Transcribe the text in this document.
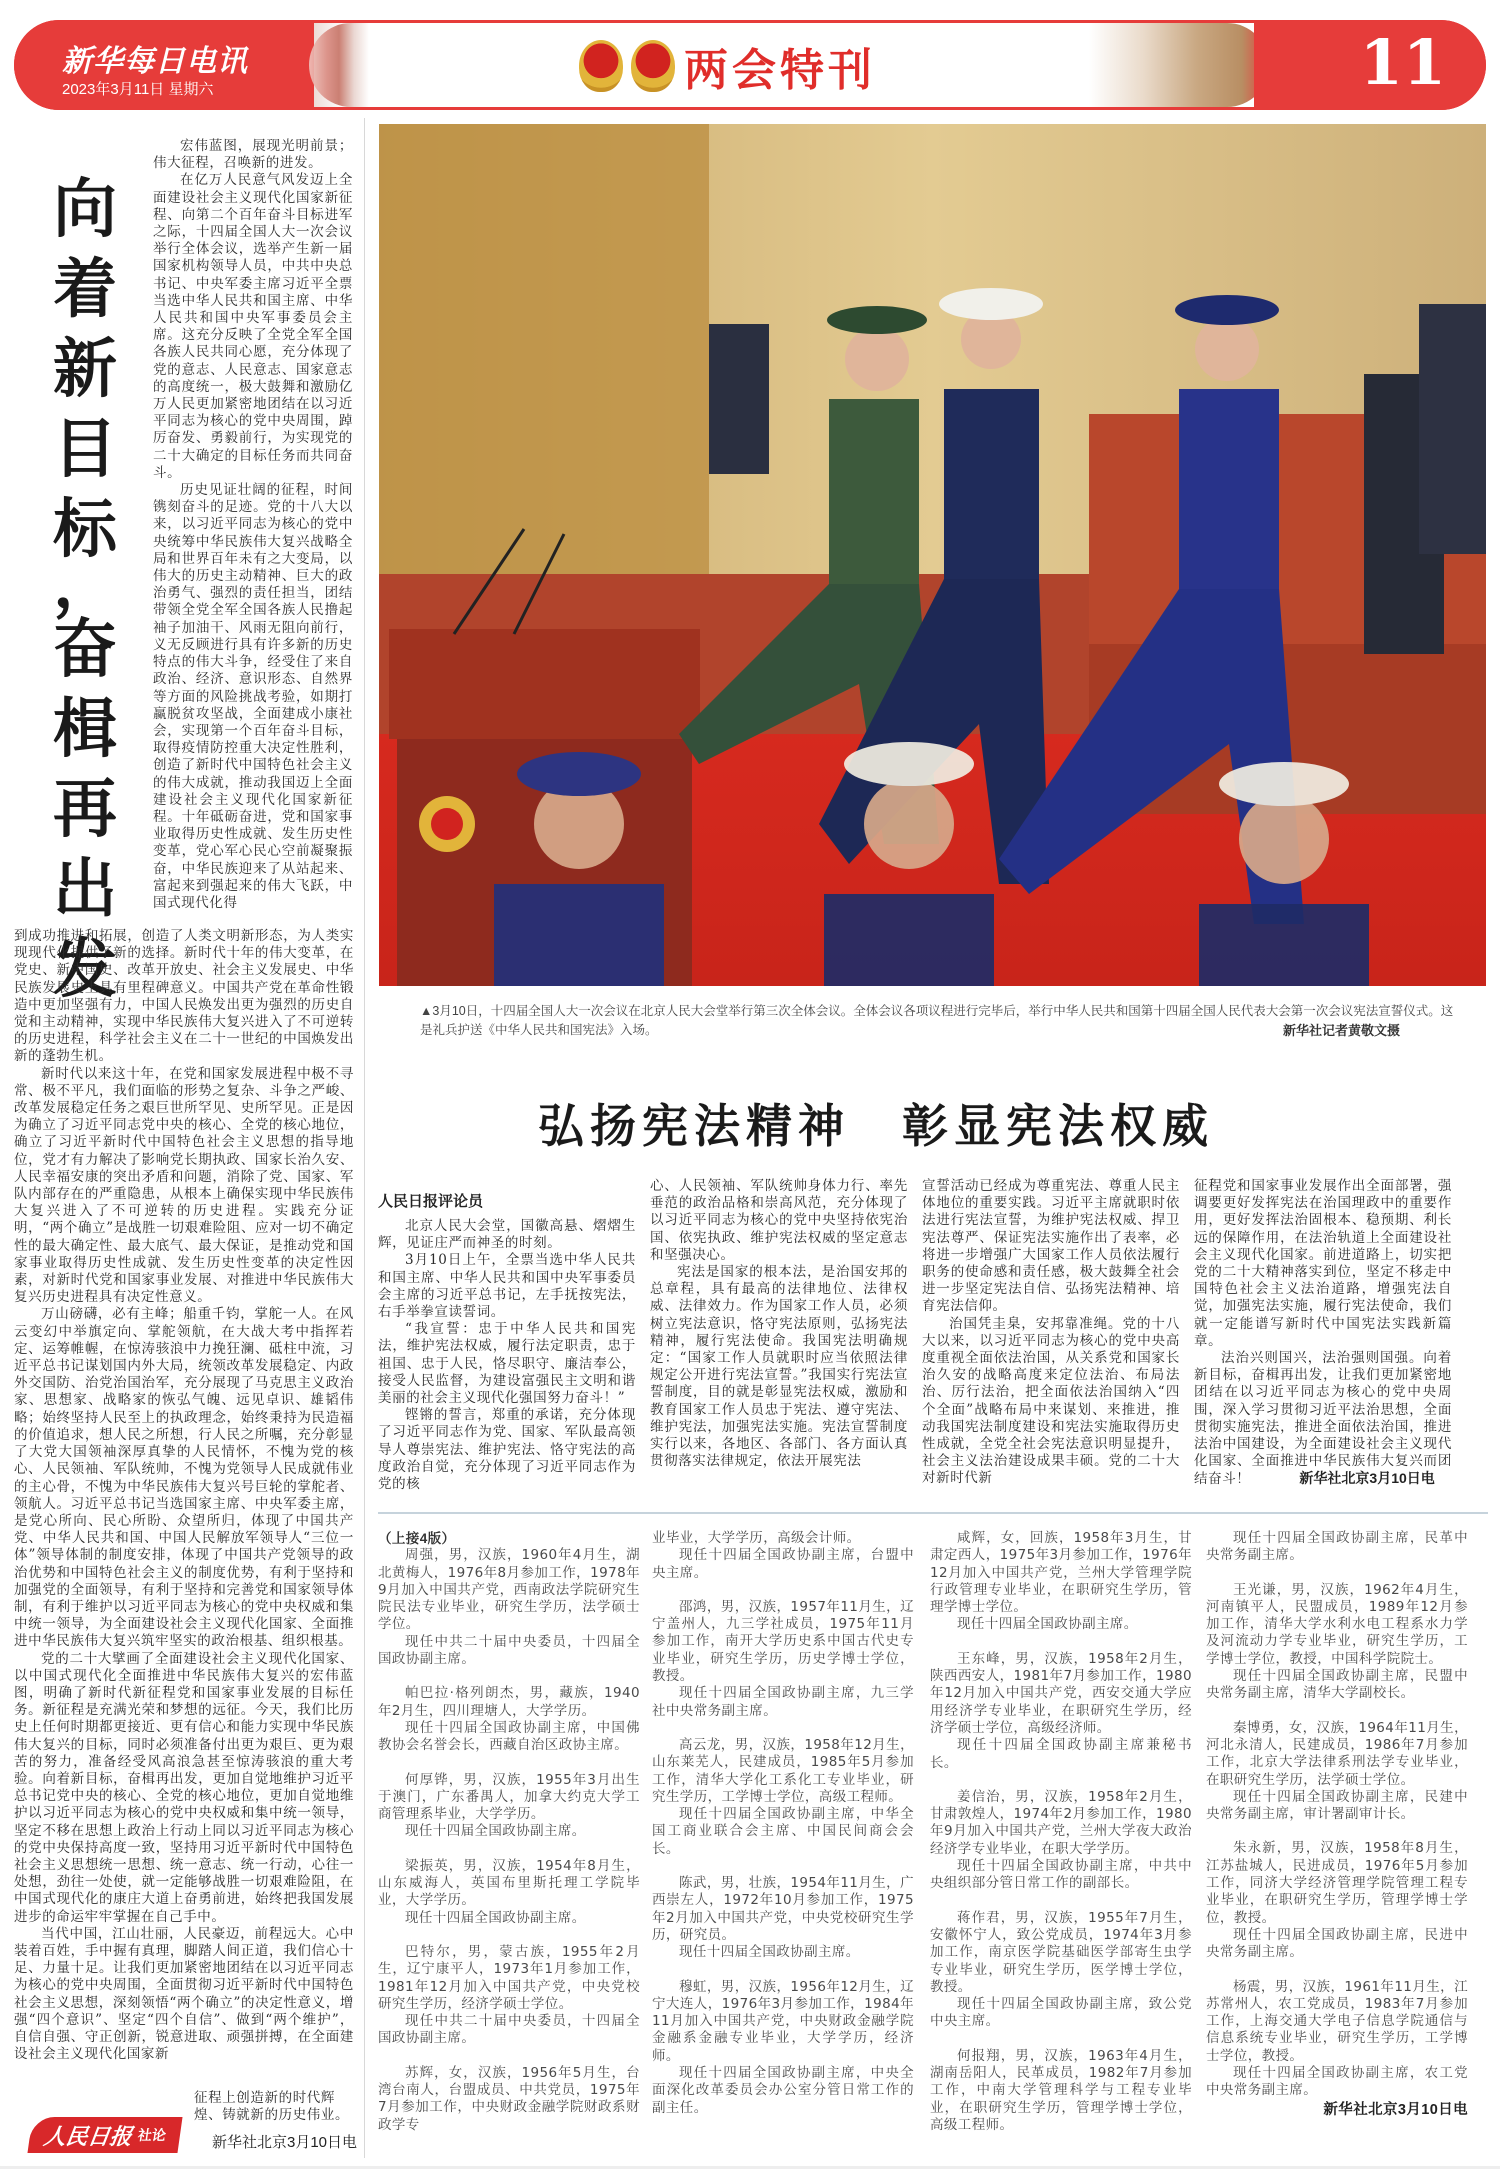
新华每日电讯
2023年3月11日 星期六	两会特刊	11
向
着
新
目
标
，
奋
楫
再
出
发

宏伟蓝图，展现光明前景；伟大征程，召唤新的进发。

在亿万人民意气风发迈上全面建设社会主义现代化国家新征程、向第二个百年奋斗目标进军之际，十四届全国人大一次会议举行全体会议，选举产生新一届国家机构领导人员，中共中央总书记、中央军委主席习近平全票当选中华人民共和国主席、中华人民共和国中央军事委员会主席。这充分反映了全党全军全国各族人民共同心愿，充分体现了党的意志、人民意志、国家意志的高度统一，极大鼓舞和激励亿万人民更加紧密地团结在以习近平同志为核心的党中央周围，踔厉奋发、勇毅前行，为实现党的二十大确定的目标任务而共同奋斗。

历史见证壮阔的征程，时间镌刻奋斗的足迹。党的十八大以来，以习近平同志为核心的党中央统筹中华民族伟大复兴战略全局和世界百年未有之大变局，以伟大的历史主动精神、巨大的政治勇气、强烈的责任担当，团结带领全党全军全国各族人民撸起袖子加油干、风雨无阻向前行，义无反顾进行具有许多新的历史特点的伟大斗争，经受住了来自政治、经济、意识形态、自然界等方面的风险挑战考验，如期打赢脱贫攻坚战，全面建成小康社会，实现第一个百年奋斗目标，取得疫情防控重大决定性胜利，创造了新时代中国特色社会主义的伟大成就，推动我国迈上全面建设社会主义现代化国家新征程。十年砥砺奋进，党和国家事业取得历史性成就、发生历史性变革，党心军心民心空前凝聚振奋，中华民族迎来了从站起来、富起来到强起来的伟大飞跃，中国式现代化得

到成功推进和拓展，创造了人类文明新形态，为人类实现现代化提供了新的选择。新时代十年的伟大变革，在党史、新中国史、改革开放史、社会主义发展史、中华民族发展史上具有里程碑意义。中国共产党在革命性锻造中更加坚强有力，中国人民焕发出更为强烈的历史自觉和主动精神，实现中华民族伟大复兴进入了不可逆转的历史进程，科学社会主义在二十一世纪的中国焕发出新的蓬勃生机。

新时代以来这十年，在党和国家发展进程中极不寻常、极不平凡，我们面临的形势之复杂、斗争之严峻、改革发展稳定任务之艰巨世所罕见、史所罕见。正是因为确立了习近平同志党中央的核心、全党的核心地位，确立了习近平新时代中国特色社会主义思想的指导地位，党才有力解决了影响党长期执政、国家长治久安、人民幸福安康的突出矛盾和问题，消除了党、国家、军队内部存在的严重隐患，从根本上确保实现中华民族伟大复兴进入了不可逆转的历史进程。实践充分证明，“两个确立”是战胜一切艰难险阻、应对一切不确定性的最大确定性、最大底气、最大保证，是推动党和国家事业取得历史性成就、发生历史性变革的决定性因素，对新时代党和国家事业发展、对推进中华民族伟大复兴历史进程具有决定性意义。

万山磅礴，必有主峰；船重千钧，掌舵一人。在风云变幻中举旗定向、掌舵领航，在大战大考中指挥若定、运筹帷幄，在惊涛骇浪中力挽狂澜、砥柱中流，习近平总书记谋划国内外大局，统领改革发展稳定、内政外交国防、治党治国治军，充分展现了马克思主义政治家、思想家、战略家的恢弘气魄、远见卓识、雄韬伟略；始终坚持人民至上的执政理念，始终秉持为民造福的价值追求，想人民之所想，行人民之所嘱，充分彰显了大党大国领袖深厚真挚的人民情怀，不愧为党的核心、人民领袖、军队统帅，不愧为党领导人民成就伟业的主心骨，不愧为中华民族伟大复兴号巨轮的掌舵者、领航人。习近平总书记当选国家主席、中央军委主席，是党心所向、民心所盼、众望所归，体现了中国共产党、中华人民共和国、中国人民解放军领导人“三位一体”领导体制的制度安排，体现了中国共产党领导的政治优势和中国特色社会主义的制度优势，有利于坚持和加强党的全面领导，有利于坚持和完善党和国家领导体制，有利于维护以习近平同志为核心的党中央权威和集中统一领导，为全面建设社会主义现代化国家、全面推进中华民族伟大复兴筑牢坚实的政治根基、组织根基。

党的二十大擘画了全面建设社会主义现代化国家、以中国式现代化全面推进中华民族伟大复兴的宏伟蓝图，明确了新时代新征程党和国家事业发展的目标任务。新征程是充满光荣和梦想的远征。今天，我们比历史上任何时期都更接近、更有信心和能力实现中华民族伟大复兴的目标，同时必须准备付出更为艰巨、更为艰苦的努力，准备经受风高浪急甚至惊涛骇浪的重大考验。向着新目标，奋楫再出发，更加自觉地维护习近平总书记党中央的核心、全党的核心地位，更加自觉地维护以习近平同志为核心的党中央权威和集中统一领导，坚定不移在思想上政治上行动上同以习近平同志为核心的党中央保持高度一致，坚持用习近平新时代中国特色社会主义思想统一思想、统一意志、统一行动，心往一处想，劲往一处使，就一定能够战胜一切艰难险阻，在中国式现代化的康庄大道上奋勇前进，始终把我国发展进步的命运牢牢掌握在自己手中。

当代中国，江山壮丽，人民豪迈，前程远大。心中装着百姓，手中握有真理，脚踏人间正道，我们信心十足、力量十足。让我们更加紧密地团结在以习近平同志为核心的党中央周围，全面贯彻习近平新时代中国特色社会主义思想，深刻领悟“两个确立”的决定性意义，增强“四个意识”、坚定“四个自信”、做到“两个维护”，自信自强、守正创新，锐意进取、顽强拼搏，在全面建设社会主义现代化国家新

征程上创造新的时代辉煌、铸就新的历史伟业。
人民日报 社论	新华社北京3月10日电
▲3月10日，十四届全国人大一次会议在北京人民大会堂举行第三次全体会议。全体会议各项议程进行完毕后，举行中华人民共和国第十四届全国人民代表大会第一次会议宪法宣誓仪式。这是礼兵护送《中华人民共和国宪法》入场。	新华社记者黄敬文摄
弘扬宪法精神 彰显宪法权威
人民日报评论员

北京人民大会堂，国徽高悬、熠熠生辉，见证庄严而神圣的时刻。

3月10日上午，全票当选中华人民共和国主席、中华人民共和国中央军事委员会主席的习近平总书记，左手抚按宪法，右手举拳宣读誓词。

“我宣誓：忠于中华人民共和国宪法，维护宪法权威，履行法定职责，忠于祖国、忠于人民，恪尽职守、廉洁奉公，接受人民监督，为建设富强民主文明和谐美丽的社会主义现代化强国努力奋斗！”

铿锵的誓言，郑重的承诺，充分体现了习近平同志作为党、国家、军队最高领导人尊崇宪法、维护宪法、恪守宪法的高度政治自觉，充分体现了习近平同志作为党的核

心、人民领袖、军队统帅身体力行、率先垂范的政治品格和崇高风范，充分体现了以习近平同志为核心的党中央坚持依宪治国、依宪执政、维护宪法权威的坚定意志和坚强决心。

宪法是国家的根本法，是治国安邦的总章程，具有最高的法律地位、法律权威、法律效力。作为国家工作人员，必须树立宪法意识，恪守宪法原则，弘扬宪法精神，履行宪法使命。我国宪法明确规定：“国家工作人员就职时应当依照法律规定公开进行宪法宣誓。”我国实行宪法宣誓制度，目的就是彰显宪法权威，激励和教育国家工作人员忠于宪法、遵守宪法、维护宪法，加强宪法实施。宪法宣誓制度实行以来，各地区、各部门、各方面认真贯彻落实法律规定，依法开展宪法

宣誓活动已经成为尊重宪法、尊重人民主体地位的重要实践。习近平主席就职时依法进行宪法宣誓，为维护宪法权威、捍卫宪法尊严、保证宪法实施作出了表率，必将进一步增强广大国家工作人员依法履行职务的使命感和责任感，极大鼓舞全社会进一步坚定宪法自信、弘扬宪法精神、培育宪法信仰。

治国凭圭臬，安邦靠准绳。党的十八大以来，以习近平同志为核心的党中央高度重视全面依法治国，从关系党和国家长治久安的战略高度来定位法治、布局法治、厉行法治，把全面依法治国纳入“四个全面”战略布局中来谋划、来推进，推动我国宪法制度建设和宪法实施取得历史性成就，全党全社会宪法意识明显提升，社会主义法治建设成果丰硕。党的二十大对新时代新

征程党和国家事业发展作出全面部署，强调要更好发挥宪法在治国理政中的重要作用，更好发挥法治固根本、稳预期、利长远的保障作用，在法治轨道上全面建设社会主义现代化国家。前进道路上，切实把党的二十大精神落实到位，坚定不移走中国特色社会主义法治道路，增强宪法自觉，加强宪法实施，履行宪法使命，我们就一定能谱写新时代中国宪法实践新篇章。

法治兴则国兴，法治强则国强。向着新目标，奋楫再出发，让我们更加紧密地团结在以习近平同志为核心的党中央周围，深入学习贯彻习近平法治思想，全面贯彻实施宪法，推进全面依法治国，推进法治中国建设，为全面建设社会主义现代化国家、全面推进中华民族伟大复兴而团结奋斗！	新华社北京3月10日电

（上接4版）

周强，男，汉族，1960年4月生，湖北黄梅人，1976年8月参加工作，1978年9月加入中国共产党，西南政法学院研究生院民法专业毕业，研究生学历，法学硕士学位。

现任中共二十届中央委员，十四届全国政协副主席。

帕巴拉·格列朗杰，男，藏族，1940年2月生，四川理塘人，大学学历。

现任十四届全国政协副主席，中国佛教协会名誉会长，西藏自治区政协主席。

何厚铧，男，汉族，1955年3月出生于澳门，广东番禺人，加拿大约克大学工商管理系毕业，大学学历。

现任十四届全国政协副主席。

梁振英，男，汉族，1954年8月生，山东威海人，英国布里斯托理工学院毕业，大学学历。

现任十四届全国政协副主席。

巴特尔，男，蒙古族，1955年2月生，辽宁康平人，1973年1月参加工作，1981年12月加入中国共产党，中央党校研究生学历，经济学硕士学位。

现任中共二十届中央委员，十四届全国政协副主席。

苏辉，女，汉族，1956年5月生，台湾台南人，台盟成员、中共党员，1975年7月参加工作，中央财政金融学院财政系财政学专

业毕业，大学学历，高级会计师。

现任十四届全国政协副主席，台盟中央主席。

邵鸿，男，汉族，1957年11月生，辽宁盖州人，九三学社成员，1975年11月参加工作，南开大学历史系中国古代史专业毕业，研究生学历，历史学博士学位，教授。

现任十四届全国政协副主席，九三学社中央常务副主席。

高云龙，男，汉族，1958年12月生，山东莱芜人，民建成员，1985年5月参加工作，清华大学化工系化工专业毕业，研究生学历，工学博士学位，高级工程师。

现任十四届全国政协副主席，中华全国工商业联合会主席、中国民间商会会长。

陈武，男，壮族，1954年11月生，广西崇左人，1972年10月参加工作，1975年2月加入中国共产党，中央党校研究生学历，研究员。

现任十四届全国政协副主席。

穆虹，男，汉族，1956年12月生，辽宁大连人，1976年3月参加工作，1984年11月加入中国共产党，中央财政金融学院金融系金融专业毕业，大学学历，经济师。

现任十四届全国政协副主席，中央全面深化改革委员会办公室分管日常工作的副主任。

咸辉，女，回族，1958年3月生，甘肃定西人，1975年3月参加工作，1976年12月加入中国共产党，兰州大学管理学院行政管理专业毕业，在职研究生学历，管理学博士学位。

现任十四届全国政协副主席。

王东峰，男，汉族，1958年2月生，陕西西安人，1981年7月参加工作，1980年12月加入中国共产党，西安交通大学应用经济学专业毕业，在职研究生学历，经济学硕士学位，高级经济师。

现任十四届全国政协副主席兼秘书长。

姜信治，男，汉族，1958年2月生，甘肃敦煌人，1974年2月参加工作，1980年9月加入中国共产党，兰州大学夜大政治经济学专业毕业，在职大学学历。

现任十四届全国政协副主席，中共中央组织部分管日常工作的副部长。

蒋作君，男，汉族，1955年7月生，安徽怀宁人，致公党成员，1974年3月参加工作，南京医学院基础医学部寄生虫学专业毕业，研究生学历，医学博士学位，教授。

现任十四届全国政协副主席，致公党中央主席。

何报翔，男，汉族，1963年4月生，湖南岳阳人，民革成员，1982年7月参加工作，中南大学管理科学与工程专业毕业，在职研究生学历，管理学博士学位，高级工程师。

现任十四届全国政协副主席，民革中央常务副主席。

王光谦，男，汉族，1962年4月生，河南镇平人，民盟成员，1989年12月参加工作，清华大学水利水电工程系水力学及河流动力学专业毕业，研究生学历，工学博士学位，教授，中国科学院院士。

现任十四届全国政协副主席，民盟中央常务副主席，清华大学副校长。

秦博勇，女，汉族，1964年11月生，河北永清人，民建成员，1986年7月参加工作，北京大学法律系刑法学专业毕业，在职研究生学历，法学硕士学位。

现任十四届全国政协副主席，民建中央常务副主席，审计署副审计长。

朱永新，男，汉族，1958年8月生，江苏盐城人，民进成员，1976年5月参加工作，同济大学经济管理学院管理工程专业毕业，在职研究生学历，管理学博士学位，教授。

现任十四届全国政协副主席，民进中央常务副主席。

杨震，男，汉族，1961年11月生，江苏常州人，农工党成员，1983年7月参加工作，上海交通大学电子信息学院通信与信息系统专业毕业，研究生学历，工学博士学位，教授。

现任十四届全国政协副主席，农工党中央常务副主席。

新华社北京3月10日电
